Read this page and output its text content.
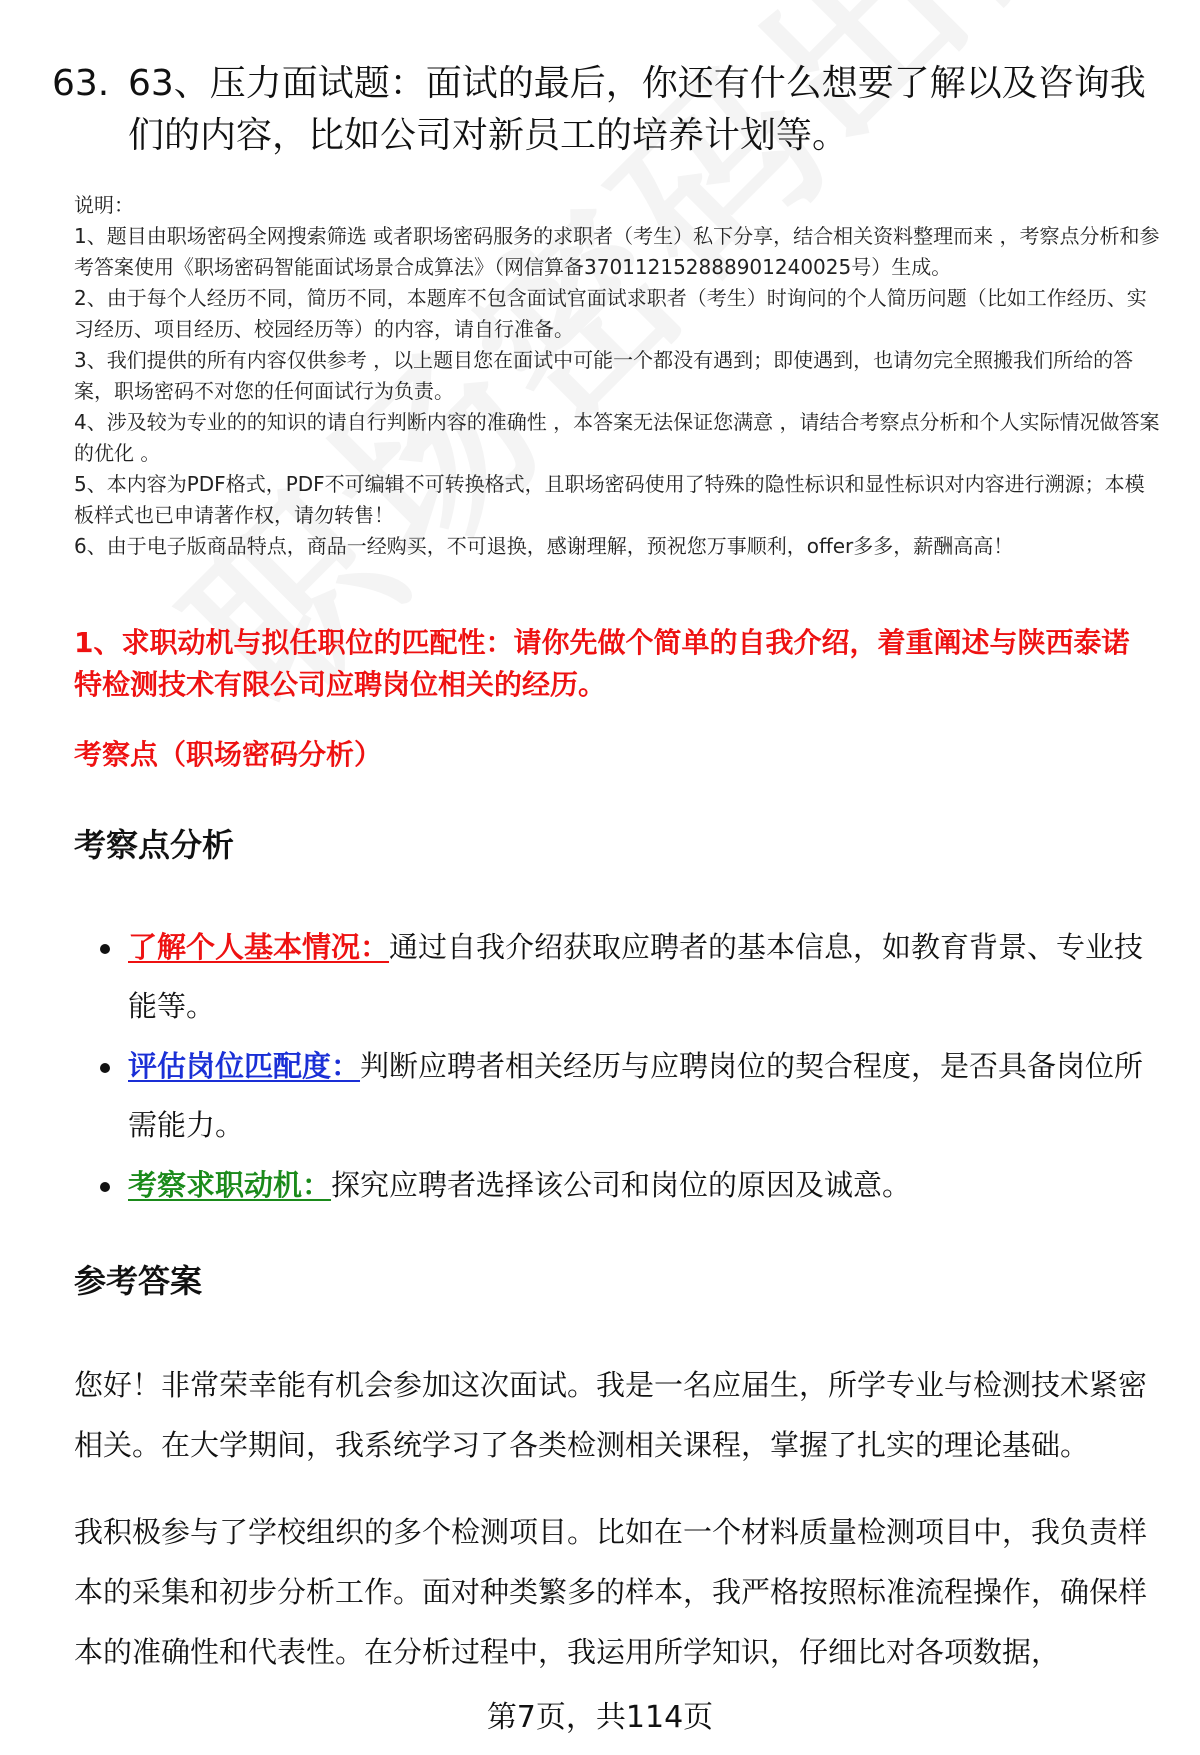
63. 63、压力面试题：面试的最后，你还有什么想要了解以及咨询我们的内容，比如公司对新员工的培养计划等。

说明：

1、题目由职场密码全网搜索筛选 或者职场密码服务的求职者（考生）私下分享，结合相关资料整理而来 ，考察点分析和参考答案使用《职场密码智能面试场景合成算法》（网信算备370112152888901240025号）生成。

2、由于每个人经历不同，简历不同，本题库不包含面试官面试求职者（考生）时询问的个人简历问题（比如工作经历、实习经历、项目经历、校园经历等）的内容，请自行准备。

3、我们提供的所有内容仅供参考 ，以上题目您在面试中可能一个都没有遇到；即使遇到，也请勿完全照搬我们所给的答案，职场密码不对您的任何面试行为负责。

4、涉及较为专业的的知识的请自行判断内容的准确性 ，本答案无法保证您满意 ，请结合考察点分析和个人实际情况做答案的优化 。

5、本内容为PDF格式，PDF不可编辑不可转换格式，且职场密码使用了特殊的隐性标识和显性标识对内容进行溯源；本模板样式也已申请著作权，请勿转售！

6、由于电子版商品特点，商品一经购买，不可退换，感谢理解，预祝您万事顺利，offer多多，薪酬高高！

1、求职动机与拟任职位的匹配性：请你先做个简单的自我介绍，着重阐述与陕西泰诺特检测技术有限公司应聘岗位相关的经历。
考察点（职场密码分析）
考察点分析
了解个人基本情况：通过自我介绍获取应聘者的基本信息，如教育背景、专业技能等。
评估岗位匹配度：判断应聘者相关经历与应聘岗位的契合程度，是否具备岗位所需能力。
考察求职动机：探究应聘者选择该公司和岗位的原因及诚意。
参考答案

您好！非常荣幸能有机会参加这次面试。我是一名应届生，所学专业与检测技术紧密相关。在大学期间，我系统学习了各类检测相关课程，掌握了扎实的理论基础。

我积极参与了学校组织的多个检测项目。比如在一个材料质量检测项目中，我负责样本的采集和初步分析工作。面对种类繁多的样本，我严格按照标准流程操作，确保样本的准确性和代表性。在分析过程中，我运用所学知识，仔细比对各项数据，

第7页，共114页
